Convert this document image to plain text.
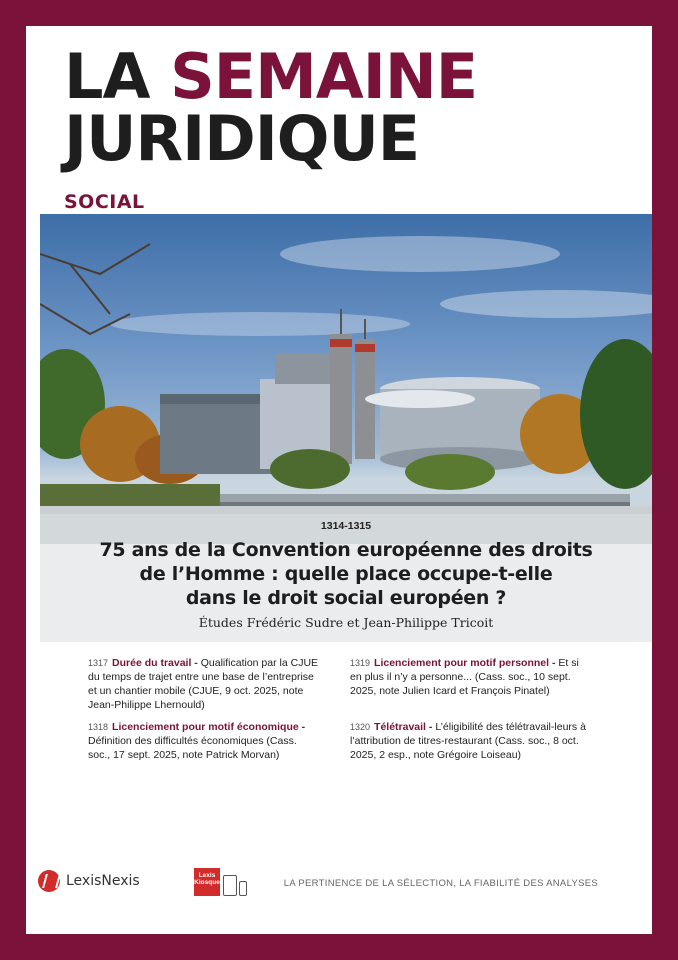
LA SEMAINE
JURIDIQUE
SOCIAL
1314-1315
75 ans de la Convention européenne des droits
de l’Homme : quelle place occupe-t-elle
dans le droit social européen ?
Études Frédéric Sudre et Jean-Philippe Tricoit
1317 Durée du travail - Qualification par la CJUE du temps de trajet entre une base de l’entreprise et un chantier mobile (CJUE, 9 oct. 2025, note Jean-Philippe Lhernould)
1318 Licenciement pour motif économique - Définition des difficultés économiques (Cass. soc., 17 sept. 2025, note Patrick Morvan)
1319 Licenciement pour motif personnel - Et si en plus il n’y a personne... (Cass. soc., 10 sept. 2025, note Julien Icard et François Pinatel)
1320 Télétravail - L’éligibilité des télétravail-leurs à l’attribution de titres-restaurant (Cass. soc., 8 oct. 2025, 2 esp., note Grégoire Loiseau)
LexisNexis	Lexis Kiosque	LA PERTINENCE DE LA SÉLECTION, LA FIABILITÉ DES ANALYSES
